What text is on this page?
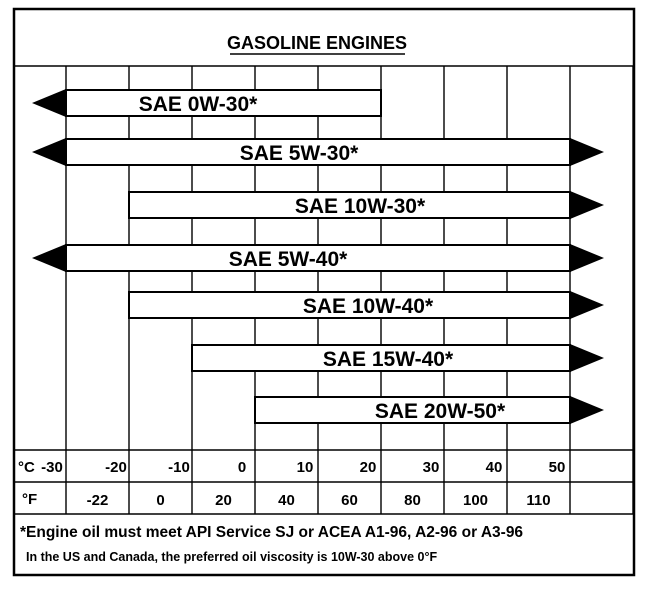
GASOLINE ENGINES
SAE 0W-30*
SAE 5W-30*
SAE 10W-30*
SAE 5W-40*
SAE 10W-40*
SAE 15W-40*
SAE 20W-50*
-30	-20	-10	0	10	20	30	40	50
-22	0	20	40	60	80	100	110
°C
°F
*Engine oil must meet API Service SJ or ACEA A1-96, A2-96 or A3-96
In the US and Canada, the preferred oil viscosity is 10W-30 above 0°F
